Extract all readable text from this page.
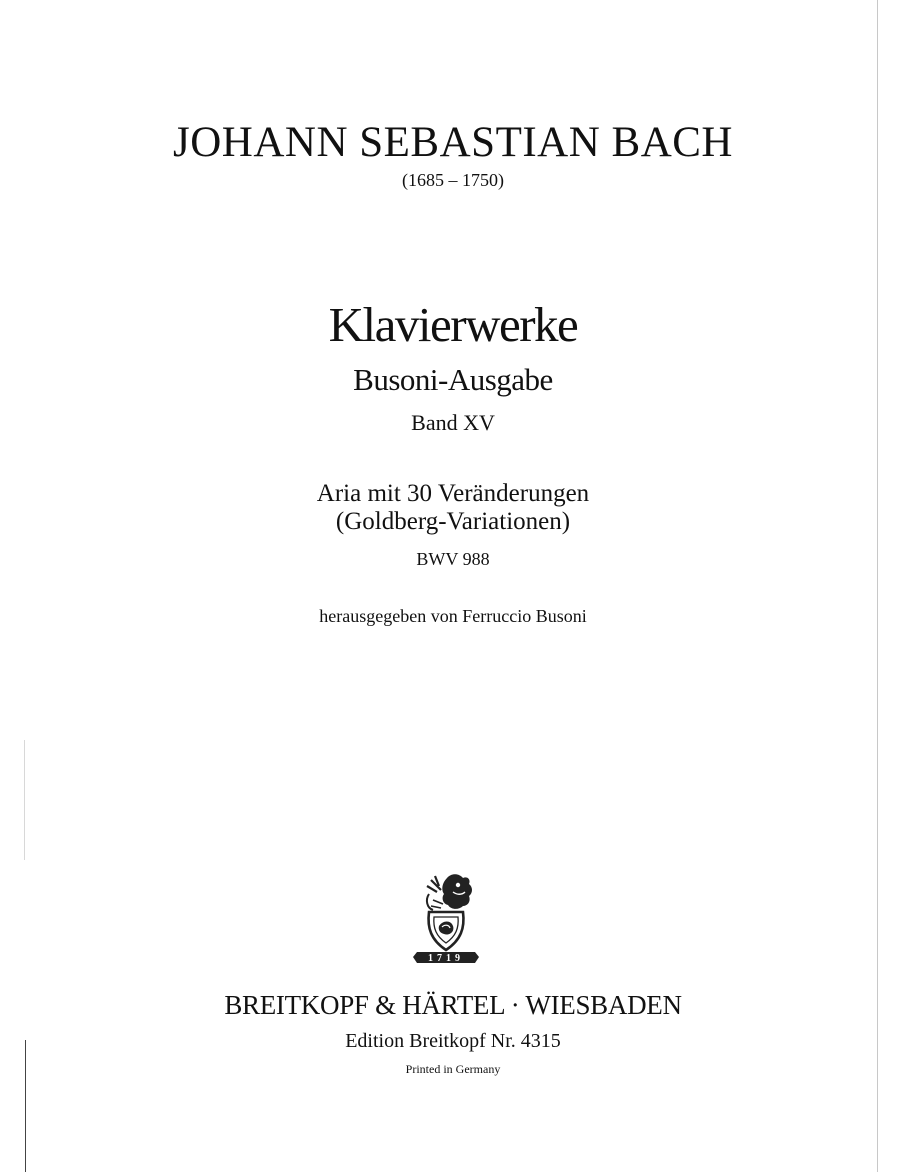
JOHANN SEBASTIAN BACH
(1685 – 1750)
Klavierwerke
Busoni-Ausgabe
Band XV
Aria mit 30 Veränderungen
(Goldberg-Variationen)
BWV 988
herausgegeben von Ferruccio Busoni
1719
BREITKOPF & HÄRTEL · WIESBADEN
Edition Breitkopf Nr. 4315
Printed in Germany
